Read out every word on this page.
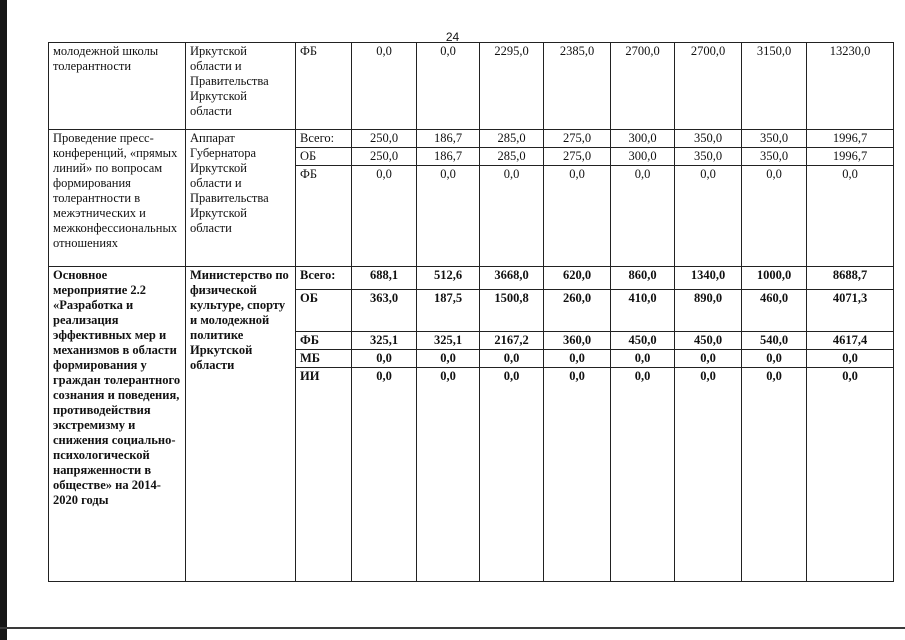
24
молодежной школы толерантности	Иркутской области и Правительства Иркутской области	ФБ	0,0	0,0	2295,0	2385,0	2700,0	2700,0	3150,0	13230,0
Проведение пресс-конференций, «прямых линий» по вопросам формирования толерантности в межэтнических и межконфессиональных отношениях	Аппарат Губернатора Иркутской области и Правительства Иркутской области	Всего:	250,0	186,7	285,0	275,0	300,0	350,0	350,0	1996,7
		ОБ	250,0	186,7	285,0	275,0	300,0	350,0	350,0	1996,7
		ФБ	0,0	0,0	0,0	0,0	0,0	0,0	0,0	0,0
Основное мероприятие 2.2 «Разработка и реализация эффективных мер и механизмов в области формирования у граждан толерантного сознания и поведения, противодействия экстремизму и снижения социально-психологической напряженности в обществе» на 2014-2020 годы	Министерство по физической культуре, спорту и молодежной политике Иркутской области	Всего:	688,1	512,6	3668,0	620,0	860,0	1340,0	1000,0	8688,7
		ОБ	363,0	187,5	1500,8	260,0	410,0	890,0	460,0	4071,3
		ФБ	325,1	325,1	2167,2	360,0	450,0	450,0	540,0	4617,4
		МБ	0,0	0,0	0,0	0,0	0,0	0,0	0,0	0,0
		ИИ	0,0	0,0	0,0	0,0	0,0	0,0	0,0	0,0
